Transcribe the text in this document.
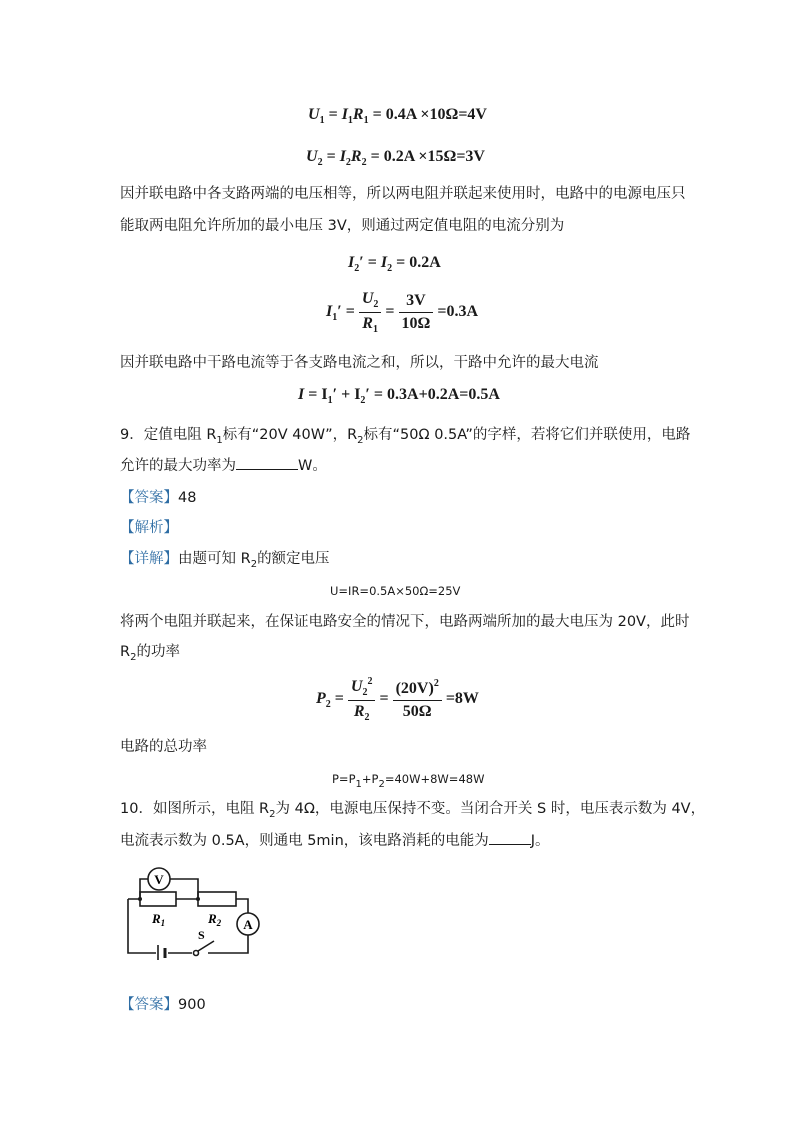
$U_1 = I_1R_1 = 0.4A \times 10\Omega=4V$
$U_2 = I_2R_2 = 0.2A \times 15\Omega=3V$
因并联电路中各支路两端的电压相等，所以两电阻并联起来使用时，电路中的电源电压只
能取两电阻允许所加的最小电压 3V，则通过两定值电阻的电流分别为
$I_2' = I_2 = 0.2A$
$I_1' = \frac{U_2}{R_1} = \frac{3V}{10\Omega} =0.3A$
因并联电路中干路电流等于各支路电流之和，所以，干路中允许的最大电流
$I = I_1' + I_2' = 0.3A+0.2A=0.5A$
9．定值电阻 $R_1$标有“20V 40W”，$R_2$标有“50Ω 0.5A”的字样，若将它们并联使用，电路
允许的最大功率为	W。
【答案】48
【解析】
【详解】由题可知 $R_2$的额定电压
U=IR=0.5A×50Ω=25V
将两个电阻并联起来，在保证电路安全的情况下，电路两端所加的最大电压为 20V，此时
$R_2$的功率
$P_2 = \frac{U_2^2}{R_2} = \frac{(20V)^2}{50\Omega} =8W$
电路的总功率
P=P1+P2=40W+8W=48W
10．如图所示，电阻 $R_2$为 4Ω，电源电压保持不变。当闭合开关 S 时，电压表示数为 4V，
电流表示数为 0.5A，则通电 5min，该电路消耗的电能为	J。
V
A
$R_1$	$R_2$
S
【答案】900
